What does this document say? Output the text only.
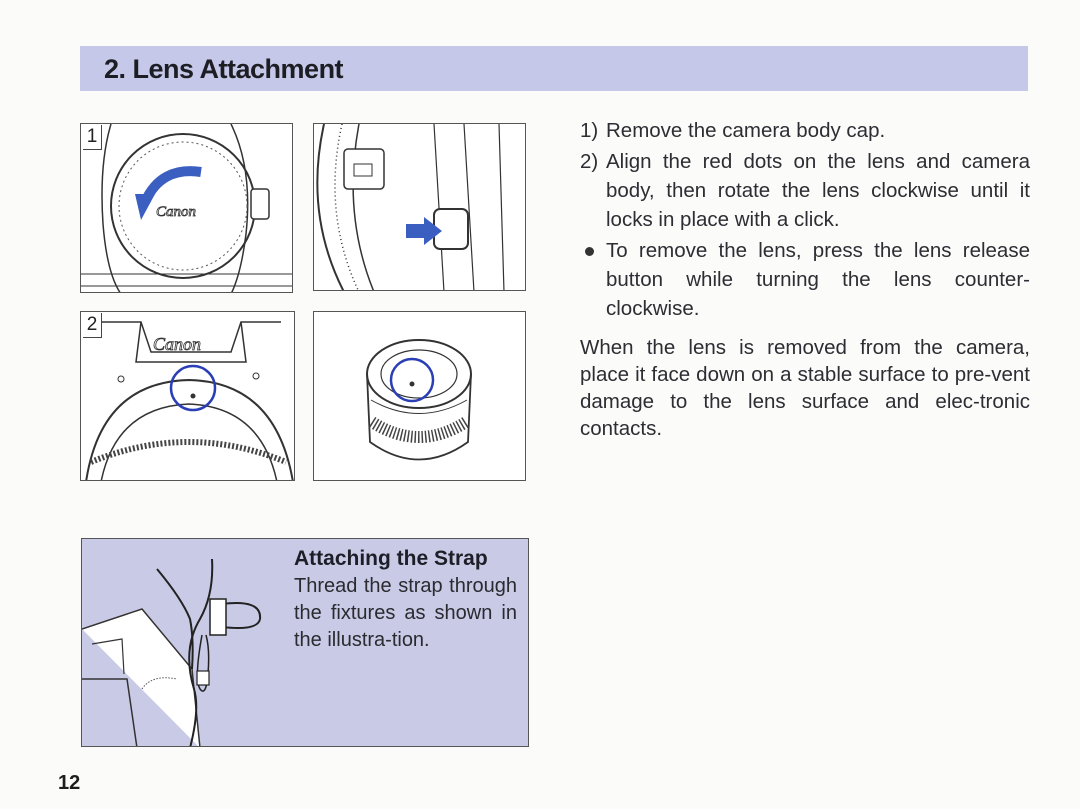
2. Lens Attachment
Canon
1
Canon
2
1) Remove the camera body cap.
2) Align the red dots on the lens and camera body, then rotate the lens clockwise until it locks in place with a click.
To remove the lens, press the lens release button while turning the lens counter-clockwise.
When the lens is removed from the camera, place it face down on a stable surface to pre-vent damage to the lens surface and elec-tronic contacts.
Attaching the Strap
Thread the strap through the fixtures as shown in the illustra-tion.
12
